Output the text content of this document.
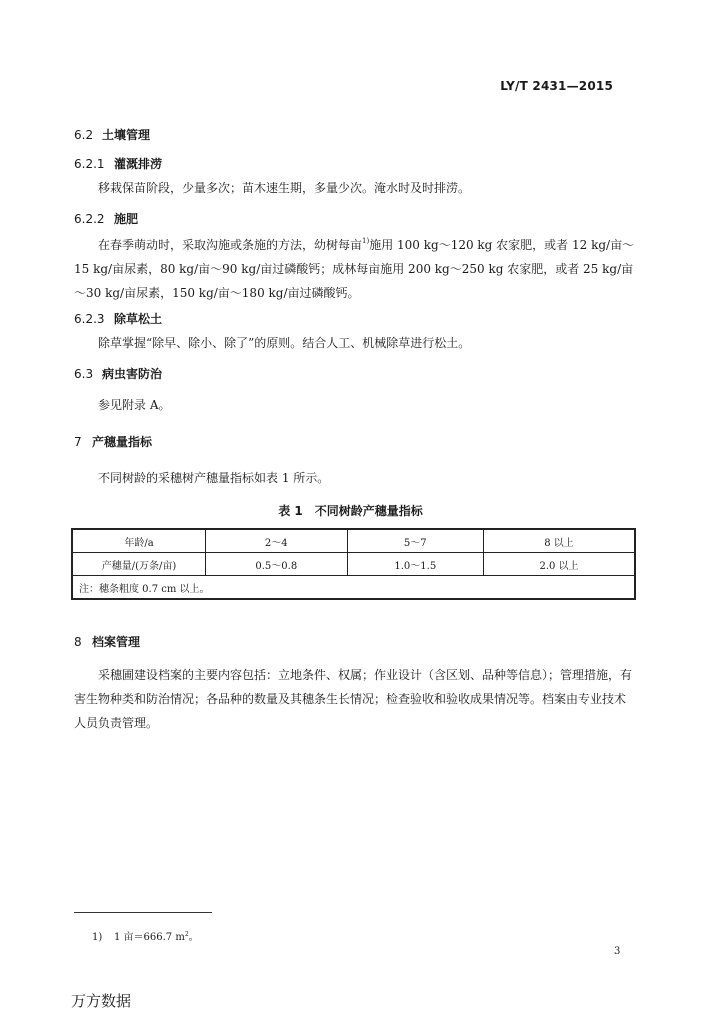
LY/T 2431—2015
6.2 土壤管理
6.2.1 灌溉排涝
移栽保苗阶段，少量多次；苗木速生期，多量少次。淹水时及时排涝。
6.2.2 施肥
在春季萌动时，采取沟施或条施的方法，幼树每亩$^{1)}$施用 100 kg～120 kg 农家肥，或者 12 kg/亩～15 kg/亩尿素，80 kg/亩～90 kg/亩过磷酸钙；成林每亩施用 200 kg～250 kg 农家肥，或者 25 kg/亩～30 kg/亩尿素，150 kg/亩～180 kg/亩过磷酸钙。
6.2.3 除草松土
除草掌握“除早、除小、除了”的原则。结合人工、机械除草进行松土。
6.3 病虫害防治
参见附录 A。
7 产穗量指标
不同树龄的采穗树产穗量指标如表 1 所示。
表 1　不同树龄产穗量指标
年龄/a	2～4	5～7	8 以上
产穗量/(万条/亩)	0.5～0.8	1.0～1.5	2.0 以上
注：穗条粗度 0.7 cm 以上。			
8 档案管理
采穗圃建设档案的主要内容包括：立地条件、权属；作业设计（含区划、品种等信息）；管理措施，有害生物种类和防治情况；各品种的数量及其穗条生长情况；检查验收和验收成果情况等。档案由专业技术人员负责管理。
1) 1 亩＝666.7 $m^2$。
3
万方数据
